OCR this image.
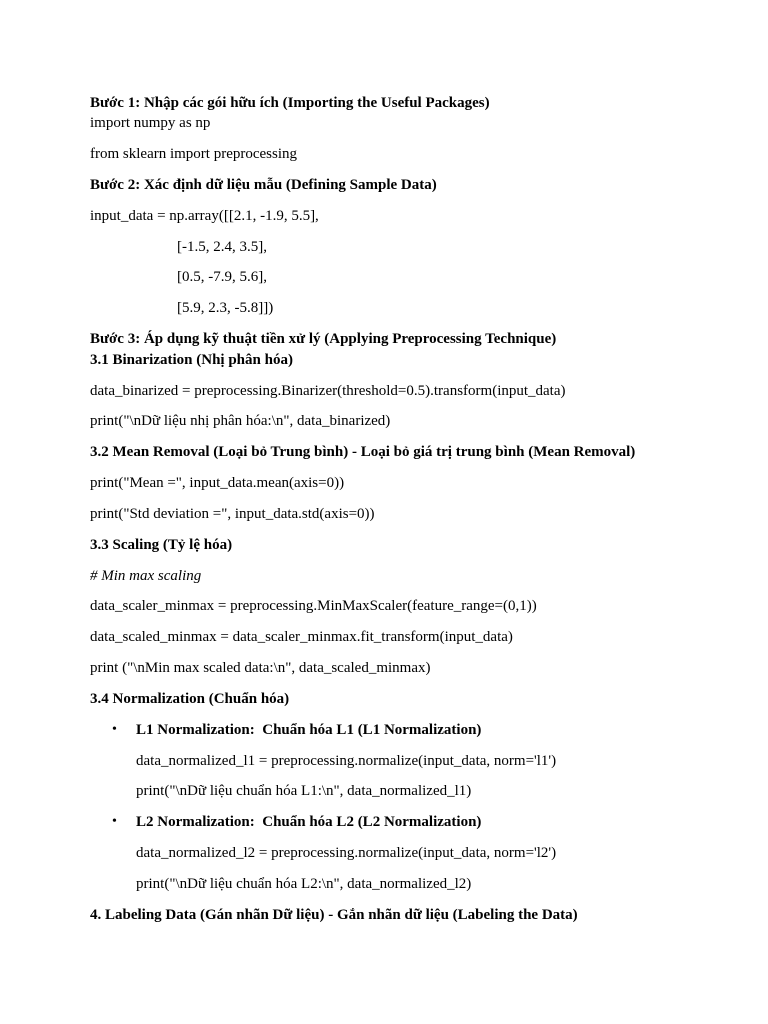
Bước 1: Nhập các gói hữu ích (Importing the Useful Packages)
import numpy as np
from sklearn import preprocessing
Bước 2: Xác định dữ liệu mẫu (Defining Sample Data)
input_data = np.array([[2.1, -1.9, 5.5],
[-1.5, 2.4, 3.5],
[0.5, -7.9, 5.6],
[5.9, 2.3, -5.8]])
Bước 3: Áp dụng kỹ thuật tiền xử lý (Applying Preprocessing Technique)
3.1 Binarization (Nhị phân hóa)
data_binarized = preprocessing.Binarizer(threshold=0.5).transform(input_data)
print("\nDữ liệu nhị phân hóa:\n", data_binarized)
3.2 Mean Removal (Loại bỏ Trung bình) - Loại bỏ giá trị trung bình (Mean Removal)
print("Mean =", input_data.mean(axis=0))
print("Std deviation =", input_data.std(axis=0))
3.3 Scaling (Tỷ lệ hóa)
# Min max scaling
data_scaler_minmax = preprocessing.MinMaxScaler(feature_range=(0,1))
data_scaled_minmax = data_scaler_minmax.fit_transform(input_data)
print ("\nMin max scaled data:\n", data_scaled_minmax)
3.4 Normalization (Chuẩn hóa)
• L1 Normalization:  Chuẩn hóa L1 (L1 Normalization)
data_normalized_l1 = preprocessing.normalize(input_data, norm='l1')
print("\nDữ liệu chuẩn hóa L1:\n", data_normalized_l1)
• L2 Normalization:  Chuẩn hóa L2 (L2 Normalization)
data_normalized_l2 = preprocessing.normalize(input_data, norm='l2')
print("\nDữ liệu chuẩn hóa L2:\n", data_normalized_l2)
4. Labeling Data (Gán nhãn Dữ liệu) - Gắn nhãn dữ liệu (Labeling the Data)
